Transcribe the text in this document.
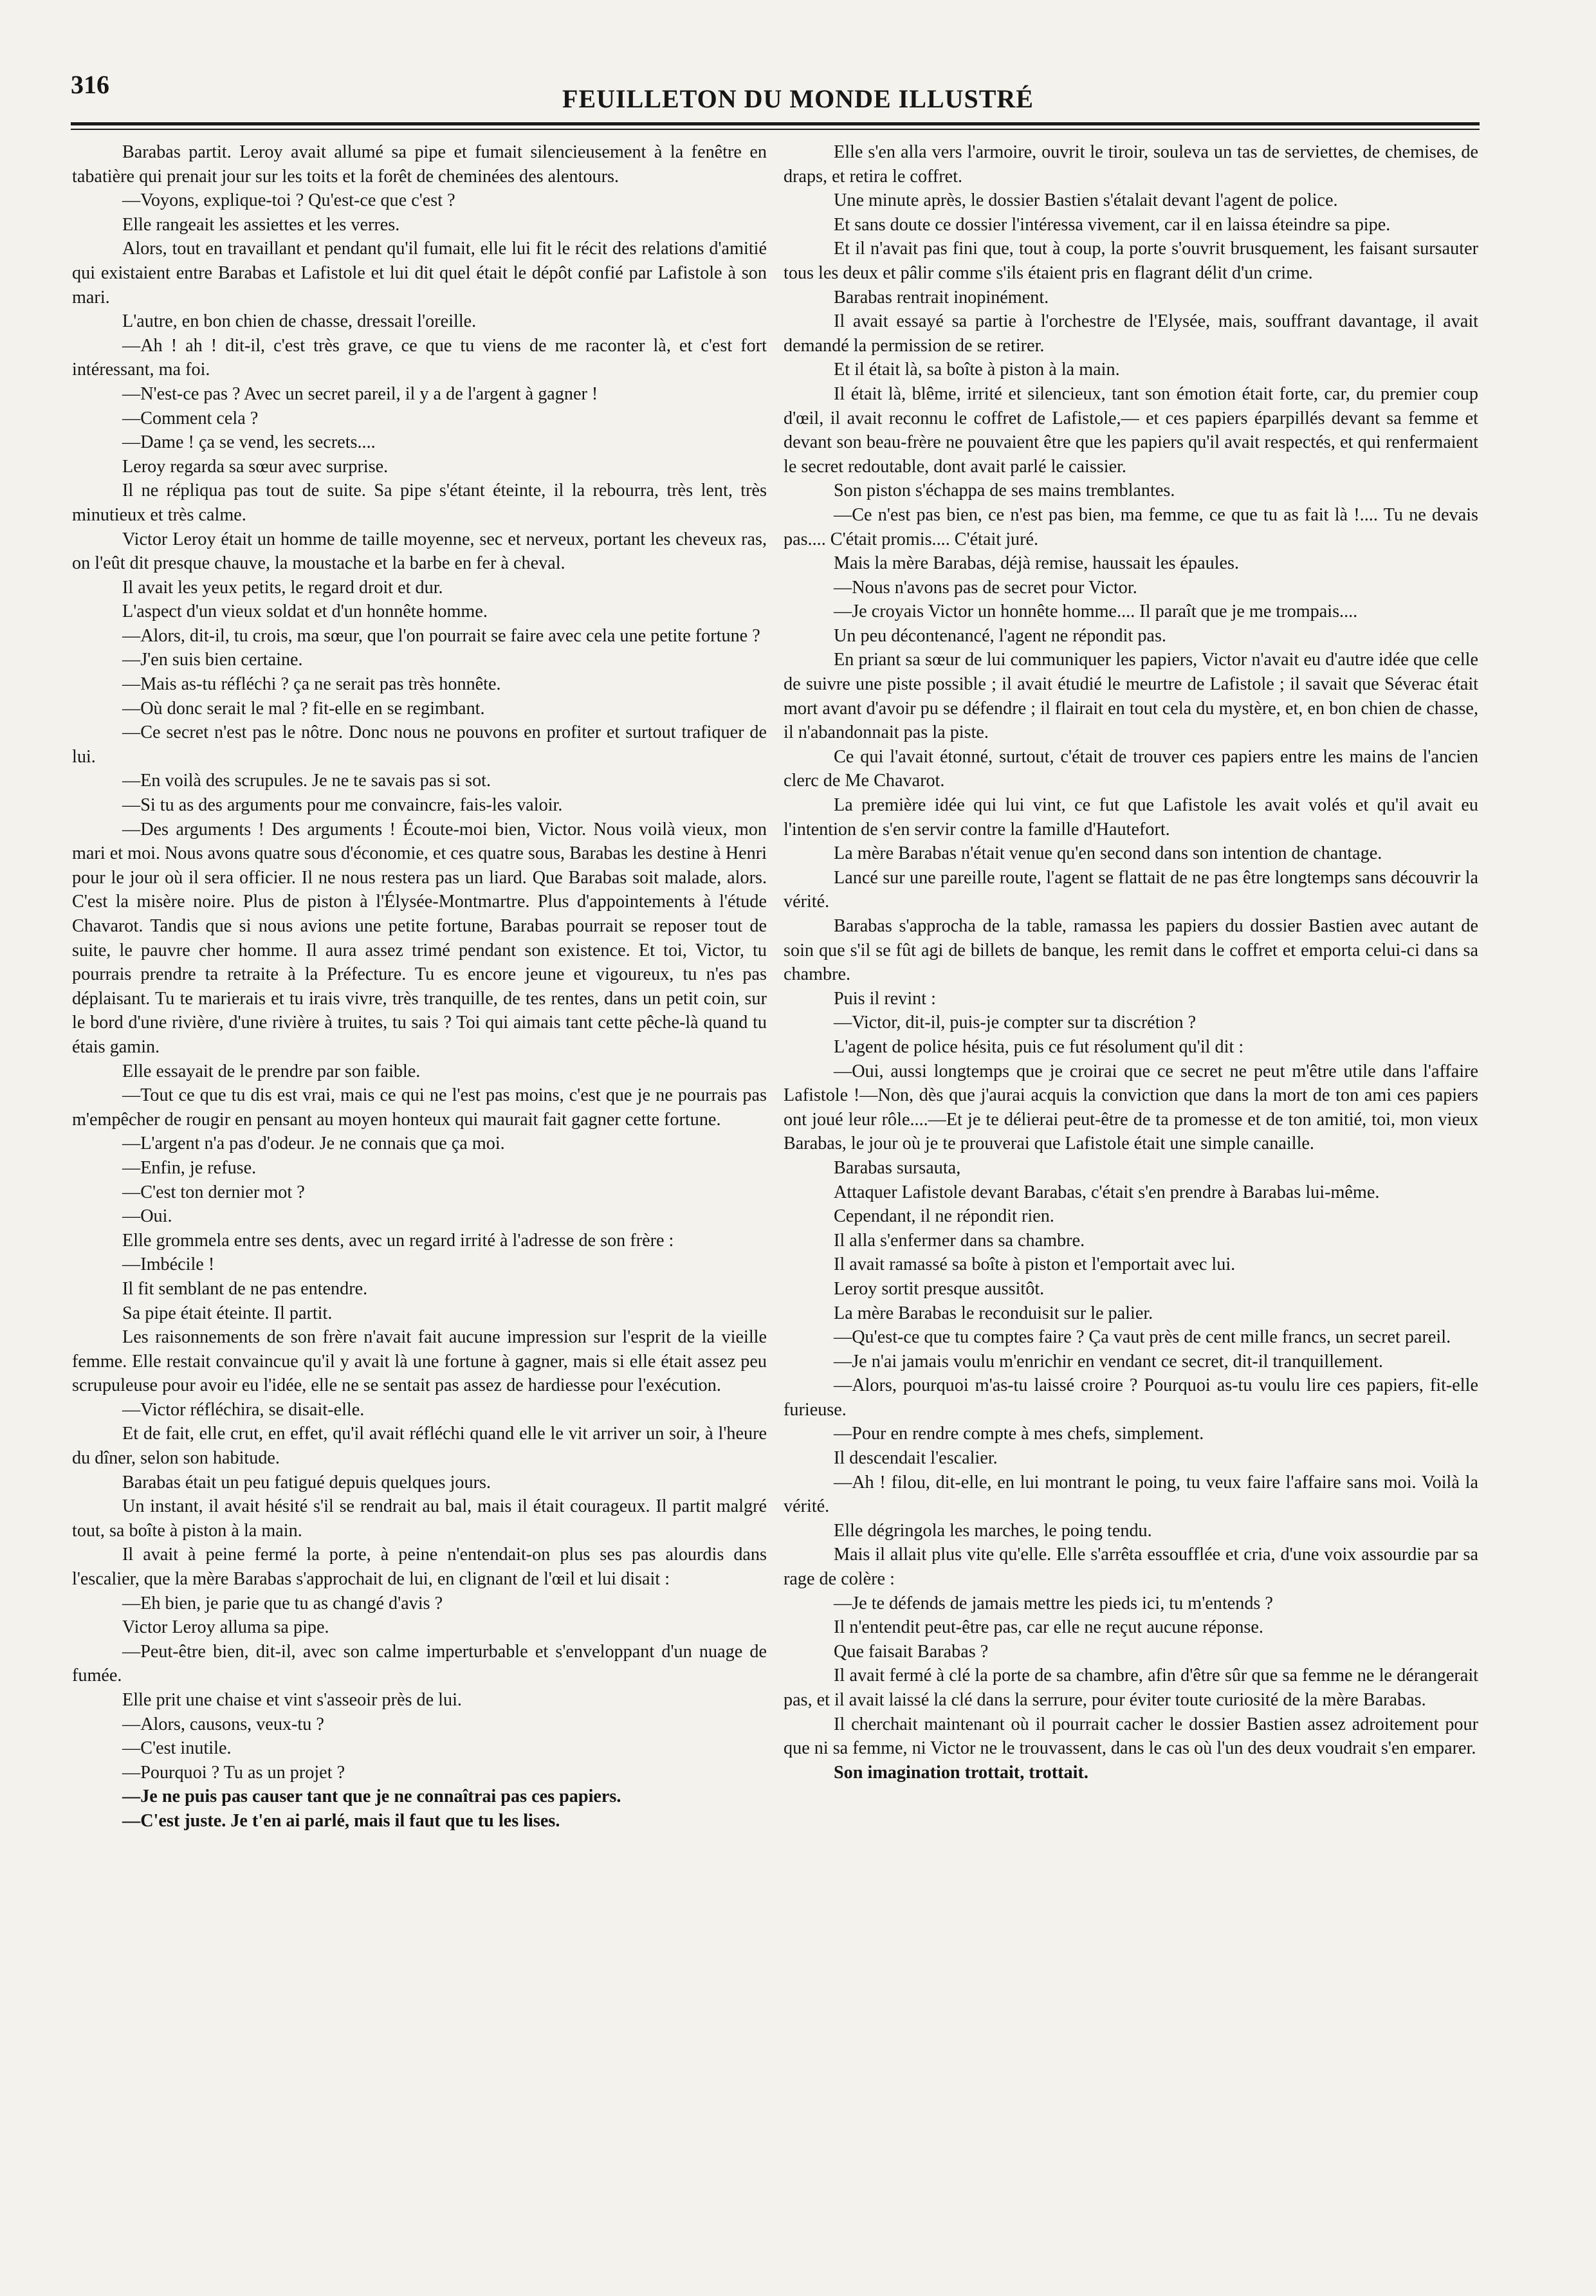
316	FEUILLETON DU MONDE ILLUSTRÉ

Barabas partit. Leroy avait allumé sa pipe et fumait silencieusement à la fenêtre en tabatière qui prenait jour sur les toits et la forêt de cheminées des alentours.

—Voyons, explique-toi ? Qu'est-ce que c'est ?

Elle rangeait les assiettes et les verres.

Alors, tout en travaillant et pendant qu'il fumait, elle lui fit le récit des relations d'amitié qui existaient entre Barabas et Lafistole et lui dit quel était le dépôt confié par Lafistole à son mari.

L'autre, en bon chien de chasse, dressait l'oreille.

—Ah ! ah ! dit-il, c'est très grave, ce que tu viens de me raconter là, et c'est fort intéressant, ma foi.

—N'est-ce pas ? Avec un secret pareil, il y a de l'argent à gagner !

—Comment cela ?

—Dame ! ça se vend, les secrets....

Leroy regarda sa sœur avec surprise.

Il ne répliqua pas tout de suite. Sa pipe s'étant éteinte, il la rebourra, très lent, très minutieux et très calme.

Victor Leroy était un homme de taille moyenne, sec et nerveux, portant les cheveux ras, on l'eût dit presque chauve, la moustache et la barbe en fer à cheval.

Il avait les yeux petits, le regard droit et dur.

L'aspect d'un vieux soldat et d'un honnête homme.

—Alors, dit-il, tu crois, ma sœur, que l'on pourrait se faire avec cela une petite fortune ?

—J'en suis bien certaine.

—Mais as-tu réfléchi ? ça ne serait pas très honnête.

—Où donc serait le mal ? fit-elle en se regimbant.

—Ce secret n'est pas le nôtre. Donc nous ne pouvons en profiter et surtout trafiquer de lui.

—En voilà des scrupules. Je ne te savais pas si sot.

—Si tu as des arguments pour me convaincre, fais-les valoir.

—Des arguments ! Des arguments ! Écoute-moi bien, Victor. Nous voilà vieux, mon mari et moi. Nous avons quatre sous d'économie, et ces quatre sous, Barabas les destine à Henri pour le jour où il sera officier. Il ne nous restera pas un liard. Que Barabas soit malade, alors. C'est la misère noire. Plus de piston à l'Élysée-Montmartre. Plus d'appointements à l'étude Chavarot. Tandis que si nous avions une petite fortune, Barabas pourrait se reposer tout de suite, le pauvre cher homme. Il aura assez trimé pendant son existence. Et toi, Victor, tu pourrais prendre ta retraite à la Préfecture. Tu es encore jeune et vigoureux, tu n'es pas déplaisant. Tu te marierais et tu irais vivre, très tranquille, de tes rentes, dans un petit coin, sur le bord d'une rivière, d'une rivière à truites, tu sais ? Toi qui aimais tant cette pêche-là quand tu étais gamin.

Elle essayait de le prendre par son faible.

—Tout ce que tu dis est vrai, mais ce qui ne l'est pas moins, c'est que je ne pourrais pas m'empêcher de rougir en pensant au moyen honteux qui maurait fait gagner cette fortune.

—L'argent n'a pas d'odeur. Je ne connais que ça moi.

—Enfin, je refuse.

—C'est ton dernier mot ?

—Oui.

Elle grommela entre ses dents, avec un regard irrité à l'adresse de son frère :

—Imbécile !

Il fit semblant de ne pas entendre.

Sa pipe était éteinte. Il partit.

Les raisonnements de son frère n'avait fait aucune impression sur l'esprit de la vieille femme. Elle restait convaincue qu'il y avait là une fortune à gagner, mais si elle était assez peu scrupuleuse pour avoir eu l'idée, elle ne se sentait pas assez de hardiesse pour l'exécution.

—Victor réfléchira, se disait-elle.

Et de fait, elle crut, en effet, qu'il avait réfléchi quand elle le vit arriver un soir, à l'heure du dîner, selon son habitude.

Barabas était un peu fatigué depuis quelques jours.

Un instant, il avait hésité s'il se rendrait au bal, mais il était courageux. Il partit malgré tout, sa boîte à piston à la main.

Il avait à peine fermé la porte, à peine n'entendait-on plus ses pas alourdis dans l'escalier, que la mère Barabas s'approchait de lui, en clignant de l'œil et lui disait :

—Eh bien, je parie que tu as changé d'avis ?

Victor Leroy alluma sa pipe.

—Peut-être bien, dit-il, avec son calme imperturbable et s'enveloppant d'un nuage de fumée.

Elle prit une chaise et vint s'asseoir près de lui.

—Alors, causons, veux-tu ?

—C'est inutile.

—Pourquoi ? Tu as un projet ?

—Je ne puis pas causer tant que je ne connaîtrai pas ces papiers.

—C'est juste. Je t'en ai parlé, mais il faut que tu les lises.

Elle s'en alla vers l'armoire, ouvrit le tiroir, souleva un tas de serviettes, de chemises, de draps, et retira le coffret.

Une minute après, le dossier Bastien s'étalait devant l'agent de police.

Et sans doute ce dossier l'intéressa vivement, car il en laissa éteindre sa pipe.

Et il n'avait pas fini que, tout à coup, la porte s'ouvrit brusquement, les faisant sursauter tous les deux et pâlir comme s'ils étaient pris en flagrant délit d'un crime.

Barabas rentrait inopinément.

Il avait essayé sa partie à l'orchestre de l'Elysée, mais, souffrant davantage, il avait demandé la permission de se retirer.

Et il était là, sa boîte à piston à la main.

Il était là, blême, irrité et silencieux, tant son émotion était forte, car, du premier coup d'œil, il avait reconnu le coffret de Lafistole,— et ces papiers éparpillés devant sa femme et devant son beau-frère ne pouvaient être que les papiers qu'il avait respectés, et qui renfermaient le secret redoutable, dont avait parlé le caissier.

Son piston s'échappa de ses mains tremblantes.

—Ce n'est pas bien, ce n'est pas bien, ma femme, ce que tu as fait là !.... Tu ne devais pas.... C'était promis.... C'était juré.

Mais la mère Barabas, déjà remise, haussait les épaules.

—Nous n'avons pas de secret pour Victor.

—Je croyais Victor un honnête homme.... Il paraît que je me trompais....

Un peu décontenancé, l'agent ne répondit pas.

En priant sa sœur de lui communiquer les papiers, Victor n'avait eu d'autre idée que celle de suivre une piste possible ; il avait étudié le meurtre de Lafistole ; il savait que Séverac était mort avant d'avoir pu se défendre ; il flairait en tout cela du mystère, et, en bon chien de chasse, il n'abandonnait pas la piste.

Ce qui l'avait étonné, surtout, c'était de trouver ces papiers entre les mains de l'ancien clerc de Me Chavarot.

La première idée qui lui vint, ce fut que Lafistole les avait volés et qu'il avait eu l'intention de s'en servir contre la famille d'Hautefort.

La mère Barabas n'était venue qu'en second dans son intention de chantage.

Lancé sur une pareille route, l'agent se flattait de ne pas être longtemps sans découvrir la vérité.

Barabas s'approcha de la table, ramassa les papiers du dossier Bastien avec autant de soin que s'il se fût agi de billets de banque, les remit dans le coffret et emporta celui-ci dans sa chambre.

Puis il revint :

—Victor, dit-il, puis-je compter sur ta discrétion ?

L'agent de police hésita, puis ce fut résolument qu'il dit :

—Oui, aussi longtemps que je croirai que ce secret ne peut m'être utile dans l'affaire Lafistole !—Non, dès que j'aurai acquis la conviction que dans la mort de ton ami ces papiers ont joué leur rôle....—Et je te délierai peut-être de ta promesse et de ton amitié, toi, mon vieux Barabas, le jour où je te prouverai que Lafistole était une simple canaille.

Barabas sursauta,

Attaquer Lafistole devant Barabas, c'était s'en prendre à Barabas lui-même.

Cependant, il ne répondit rien.

Il alla s'enfermer dans sa chambre.

Il avait ramassé sa boîte à piston et l'emportait avec lui.

Leroy sortit presque aussitôt.

La mère Barabas le reconduisit sur le palier.

—Qu'est-ce que tu comptes faire ? Ça vaut près de cent mille francs, un secret pareil.

—Je n'ai jamais voulu m'enrichir en vendant ce secret, dit-il tranquillement.

—Alors, pourquoi m'as-tu laissé croire ? Pourquoi as-tu voulu lire ces papiers, fit-elle furieuse.

—Pour en rendre compte à mes chefs, simplement.

Il descendait l'escalier.

—Ah ! filou, dit-elle, en lui montrant le poing, tu veux faire l'affaire sans moi. Voilà la vérité.

Elle dégringola les marches, le poing tendu.

Mais il allait plus vite qu'elle. Elle s'arrêta essoufflée et cria, d'une voix assourdie par sa rage de colère :

—Je te défends de jamais mettre les pieds ici, tu m'entends ?

Il n'entendit peut-être pas, car elle ne reçut aucune réponse.

Que faisait Barabas ?

Il avait fermé à clé la porte de sa chambre, afin d'être sûr que sa femme ne le dérangerait pas, et il avait laissé la clé dans la serrure, pour éviter toute curiosité de la mère Barabas.

Il cherchait maintenant où il pourrait cacher le dossier Bastien assez adroitement pour que ni sa femme, ni Victor ne le trouvassent, dans le cas où l'un des deux voudrait s'en emparer.

Son imagination trottait, trottait.
